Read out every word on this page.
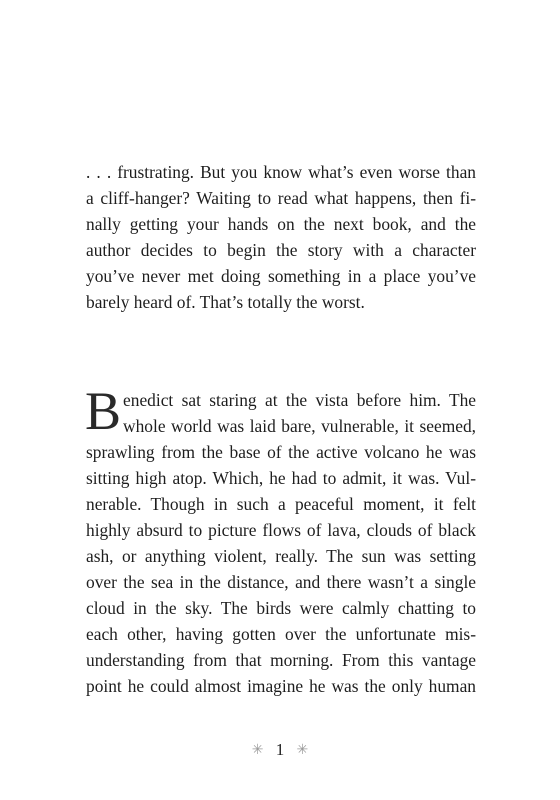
. . . frustrating. But you know what’s even worse than
a cliff-hanger? Waiting to read what happens, then fi-
nally getting your hands on the next book, and the
author decides to begin the story with a character
you’ve never met doing something in a place you’ve
barely heard of. That’s totally the worst.
B enedict sat staring at the vista before him. The
whole world was laid bare, vulnerable, it seemed,
sprawling from the base of the active volcano he was
sitting high atop. Which, he had to admit, it was. Vul-
nerable. Though in such a peaceful moment, it felt
highly absurd to picture flows of lava, clouds of black
ash, or anything violent, really. The sun was setting
over the sea in the distance, and there wasn’t a single
cloud in the sky. The birds were calmly chatting to
each other, having gotten over the unfortunate mis-
understanding from that morning. From this vantage
point he could almost imagine he was the only human
✳ 1 ✳
